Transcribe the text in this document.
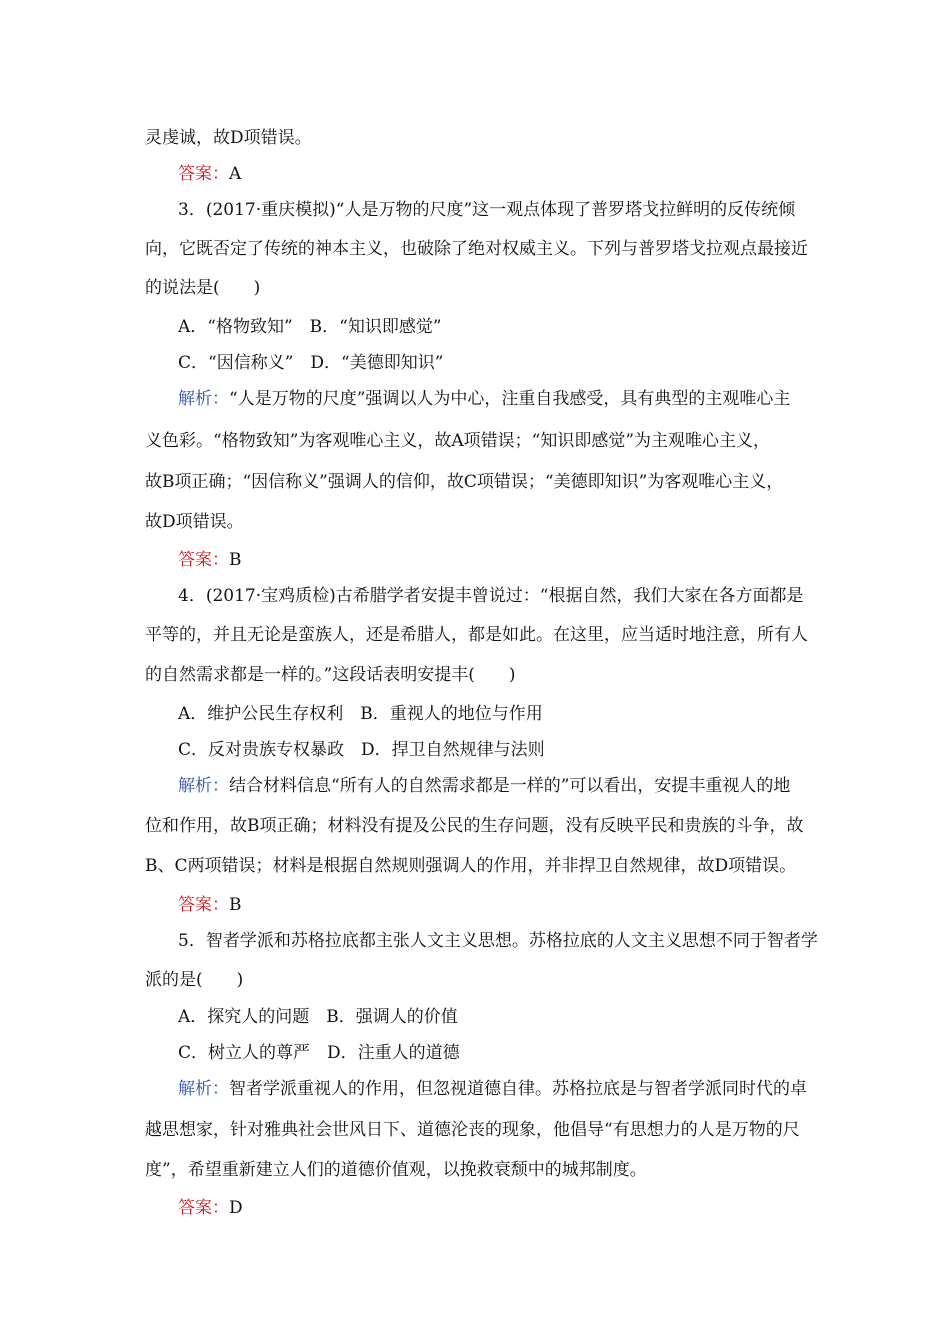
灵虔诚，故D项错误。
答案：A
3．(2017·重庆模拟)“人是万物的尺度”这一观点体现了普罗塔戈拉鲜明的反传统倾
向，它既否定了传统的神本主义，也破除了绝对权威主义。下列与普罗塔戈拉观点最接近
的说法是(　　)
A．“格物致知”　B．“知识即感觉”
C．“因信称义”　D．“美德即知识”
解析：“人是万物的尺度”强调以人为中心，注重自我感受，具有典型的主观唯心主
义色彩。“格物致知”为客观唯心主义，故A项错误；“知识即感觉”为主观唯心主义，
故B项正确；“因信称义”强调人的信仰，故C项错误；“美德即知识”为客观唯心主义，
故D项错误。
答案：B
4．(2017·宝鸡质检)古希腊学者安提丰曾说过：“根据自然，我们大家在各方面都是
平等的，并且无论是蛮族人，还是希腊人，都是如此。在这里，应当适时地注意，所有人
的自然需求都是一样的。”这段话表明安提丰(　　)
A．维护公民生存权利　B．重视人的地位与作用
C．反对贵族专权暴政　D．捍卫自然规律与法则
解析：结合材料信息“所有人的自然需求都是一样的”可以看出，安提丰重视人的地
位和作用，故B项正确；材料没有提及公民的生存问题，没有反映平民和贵族的斗争，故
B、C两项错误；材料是根据自然规则强调人的作用，并非捍卫自然规律，故D项错误。
答案：B
5．智者学派和苏格拉底都主张人文主义思想。苏格拉底的人文主义思想不同于智者学
派的是(　　)
A．探究人的问题　B．强调人的价值
C．树立人的尊严　D．注重人的道德
解析：智者学派重视人的作用，但忽视道德自律。苏格拉底是与智者学派同时代的卓
越思想家，针对雅典社会世风日下、道德沦丧的现象，他倡导“有思想力的人是万物的尺
度”，希望重新建立人们的道德价值观，以挽救衰颓中的城邦制度。
答案：D
